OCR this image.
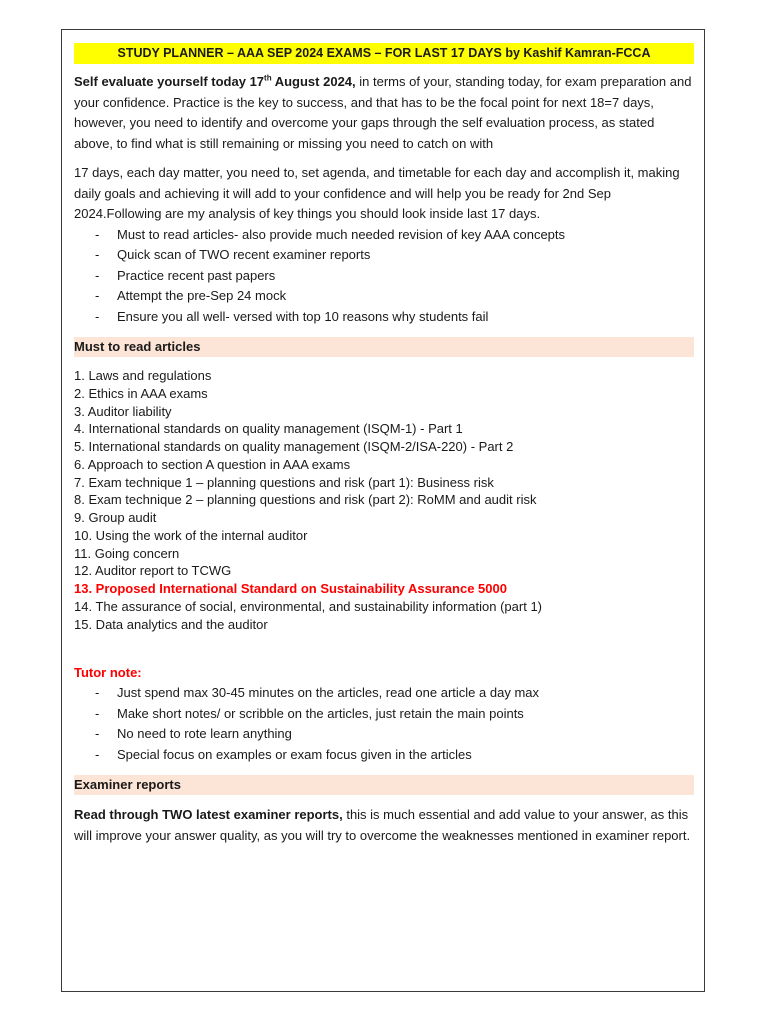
STUDY PLANNER – AAA SEP 2024 EXAMS – FOR LAST 17 DAYS by Kashif Kamran-FCCA

Self evaluate yourself today 17th August 2024, in terms of your, standing today, for exam preparation and your confidence. Practice is the key to success, and that has to be the focal point for next 18=7 days, however, you need to identify and overcome your gaps through the self evaluation process, as stated above, to find what is still remaining or missing you need to catch on with

17 days, each day matter, you need to, set agenda, and timetable for each day and accomplish it, making daily goals and achieving it will add to your confidence and will help you be ready for 2nd Sep 2024.Following are my analysis of key things you should look inside last 17 days.

- Must to read articles- also provide much needed revision of key AAA concepts
- Quick scan of TWO recent examiner reports
- Practice recent past papers
- Attempt the pre-Sep 24 mock
- Ensure you all well- versed with top 10 reasons why students fail
Must to read articles
1. Laws and regulations
2. Ethics in AAA exams
3. Auditor liability
4. International standards on quality management (ISQM-1) - Part 1
5. International standards on quality management (ISQM-2/ISA-220) - Part 2
6. Approach to section A question in AAA exams
7. Exam technique 1 – planning questions and risk (part 1): Business risk
8. Exam technique 2 – planning questions and risk (part 2): RoMM and audit risk
9. Group audit
10. Using the work of the internal auditor
11. Going concern
12. Auditor report to TCWG
13. Proposed International Standard on Sustainability Assurance 5000
14. The assurance of social, environmental, and sustainability information (part 1)
15. Data analytics and the auditor
Tutor note:
- Just spend max 30-45 minutes on the articles, read one article a day max
- Make short notes/ or scribble on the articles, just retain the main points
- No need to rote learn anything
- Special focus on examples or exam focus given in the articles
Examiner reports

Read through TWO latest examiner reports, this is much essential and add value to your answer, as this will improve your answer quality, as you will try to overcome the weaknesses mentioned in examiner report.
